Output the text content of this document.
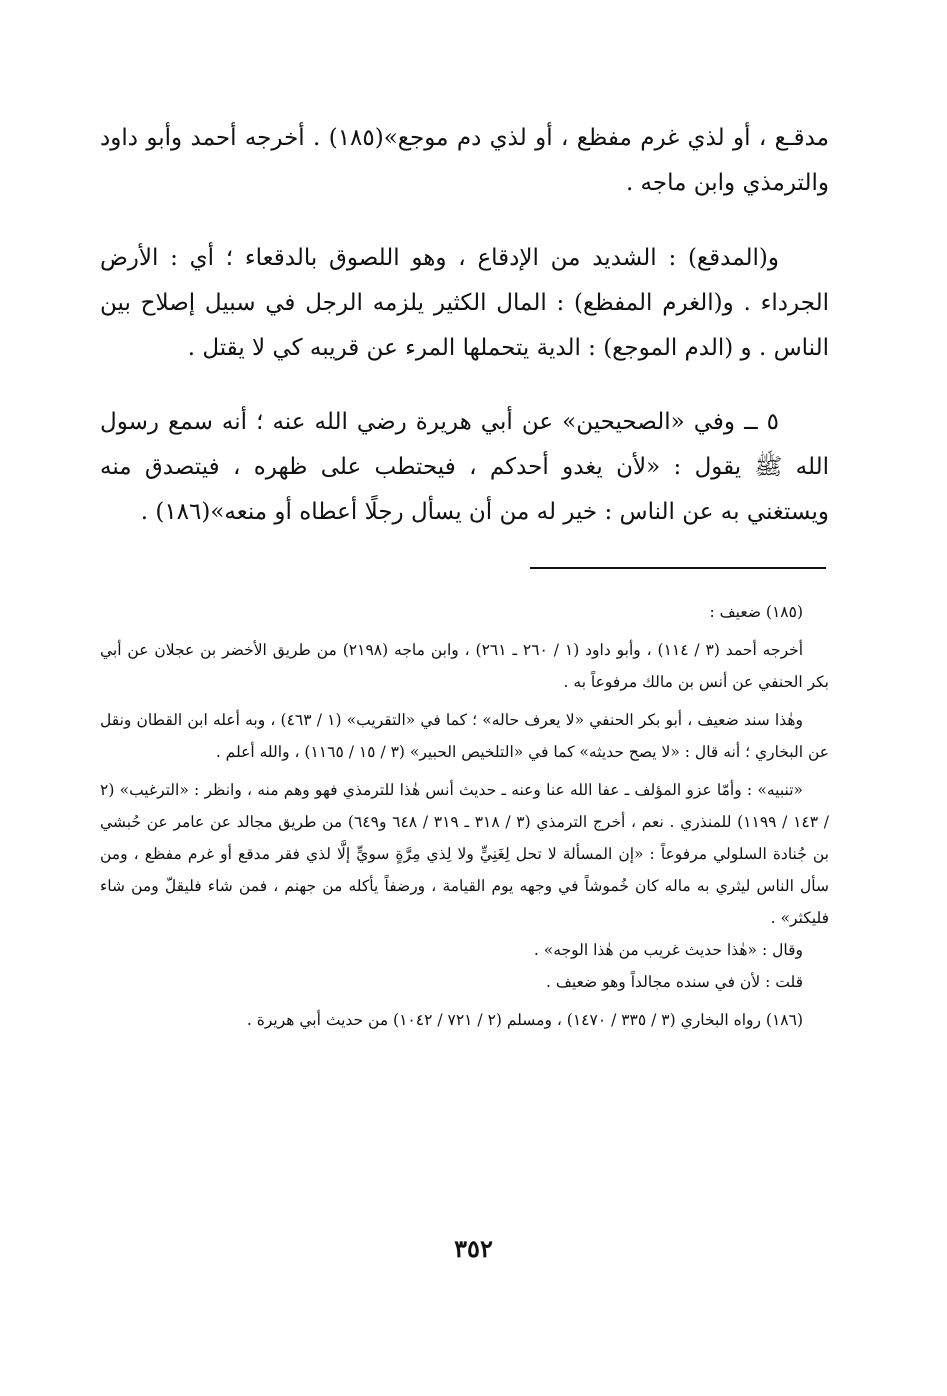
مدقـع ، أو لذي غرم مفظع ، أو لذي دم موجع»(١٨٥) . أخرجه أحمد وأبو داود والترمذي وابن ماجه .

و(المدقع) : الشديد من الإدقاع ، وهو اللصوق بالدقعاء ؛ أي : الأرض الجرداء . و(الغرم المفظع) : المال الكثير يلزمه الرجل في سبيل إصلاح بين الناس . و (الدم الموجع) : الدية يتحملها المرء عن قريبه كي لا يقتل .

٥ ــ وفي «الصحيحين» عن أبي هريرة رضي الله عنه ؛ أنه سمع رسول الله ﷺ يقول : «لأن يغدو أحدكم ، فيحتطب على ظهره ، فيتصدق منه ويستغني به عن الناس : خير له من أن يسأل رجلًا أعطاه أو منعه»(١٨٦) .

(١٨٥) ضعيف :

أخرجه أحمد (٣ / ١١٤) ، وأبو داود (١ / ٢٦٠ ـ ٢٦١) ، وابن ماجه (٢١٩٨) من طريق الأخضر بن عجلان عن أبي بكر الحنفي عن أنس بن مالك مرفوعاً به .

وهٰذا سند ضعيف ، أبو بكر الحنفي «لا يعرف حاله» ؛ كما في «التقريب» (١ / ٤٦٣) ، وبه أعله ابن القطان ونقل عن البخاري ؛ أنه قال : «لا يصح حديثه» كما في «التلخيص الحبير» (٣ / ١٥ / ١١٦٥) ، والله أعلم .

«تنبيه» : وأمّا عزو المؤلف ـ عفا الله عنا وعنه ـ حديث أنس هٰذا للترمذي فهو وهم منه ، وانظر : «الترغيب» (٢ / ١٤٣ / ١١٩٩) للمنذري . نعم ، أخرج الترمذي (٣ / ٣١٨ ـ ٣١٩ / ٦٤٨ و٦٤٩) من طريق مجالد عن عامر عن حُبشي بن جُنادة السلولي مرفوعاً : «إن المسألة لا تحل لِغَنِيٍّ ولا لِذي مِرَّةٍ سويٍّ إلَّا لذي فقر مدقع أو غرم مفظع ، ومن سأل الناس ليثري به ماله كان خُموشاً في وجهه يوم القيامة ، ورضفاً يأكله من جهنم ، فمن شاء فليقلّ ومن شاء فليكثر» .

وقال : «هٰذا حديث غريب من هٰذا الوجه» .

قلت : لأن في سنده مجالداً وهو ضعيف .

(١٨٦) رواه البخاري (٣ / ٣٣٥ / ١٤٧٠) ، ومسلم (٢ / ٧٢١ / ١٠٤٢) من حديث أبي هريرة .

٣٥٢
